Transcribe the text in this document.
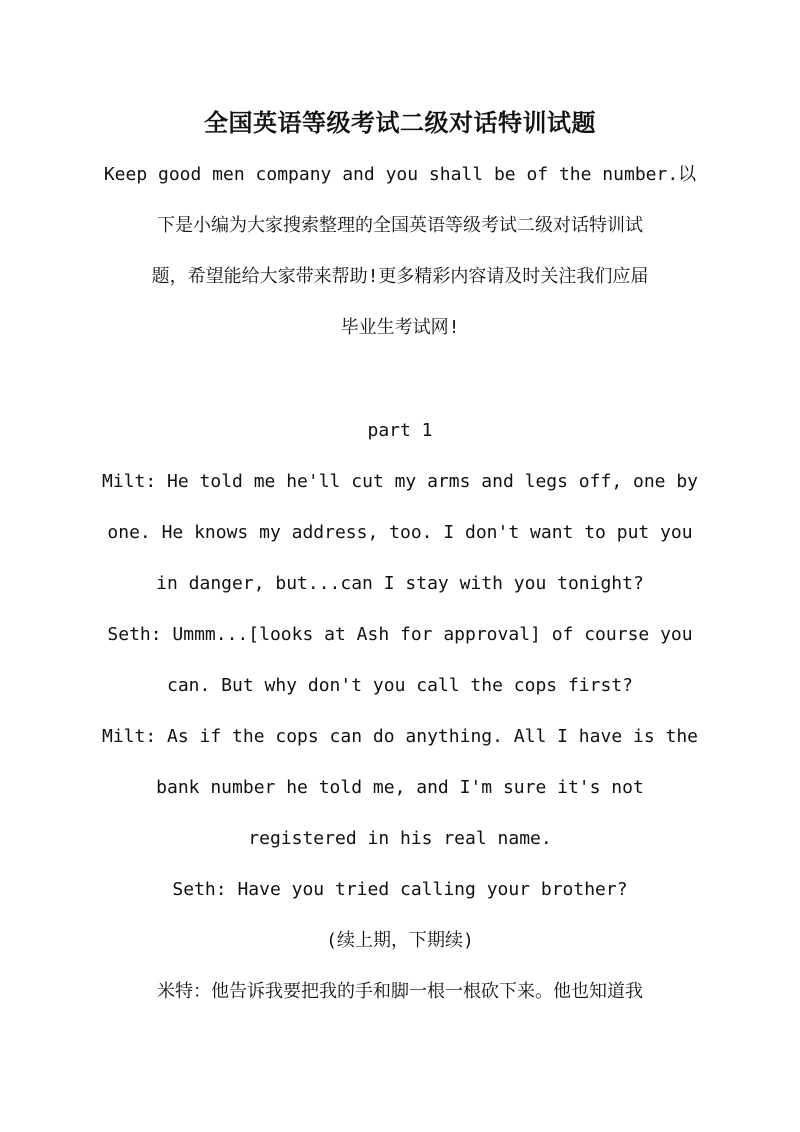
全国英语等级考试二级对话特训试题
Keep good men company and you shall be of the number.以
下是小编为大家搜索整理的全国英语等级考试二级对话特训试
题，希望能给大家带来帮助!更多精彩内容请及时关注我们应届
毕业生考试网!
part 1
Milt: He told me he'll cut my arms and legs off, one by
one. He knows my address, too. I don't want to put you
in danger, but...can I stay with you tonight?
Seth: Ummm...[looks at Ash for approval] of course you
can. But why don't you call the cops first?
Milt: As if the cops can do anything. All I have is the
bank number he told me, and I'm sure it's not
registered in his real name.
Seth: Have you tried calling your brother?
(续上期，下期续)
米特：他告诉我要把我的手和脚一根一根砍下来。他也知道我
